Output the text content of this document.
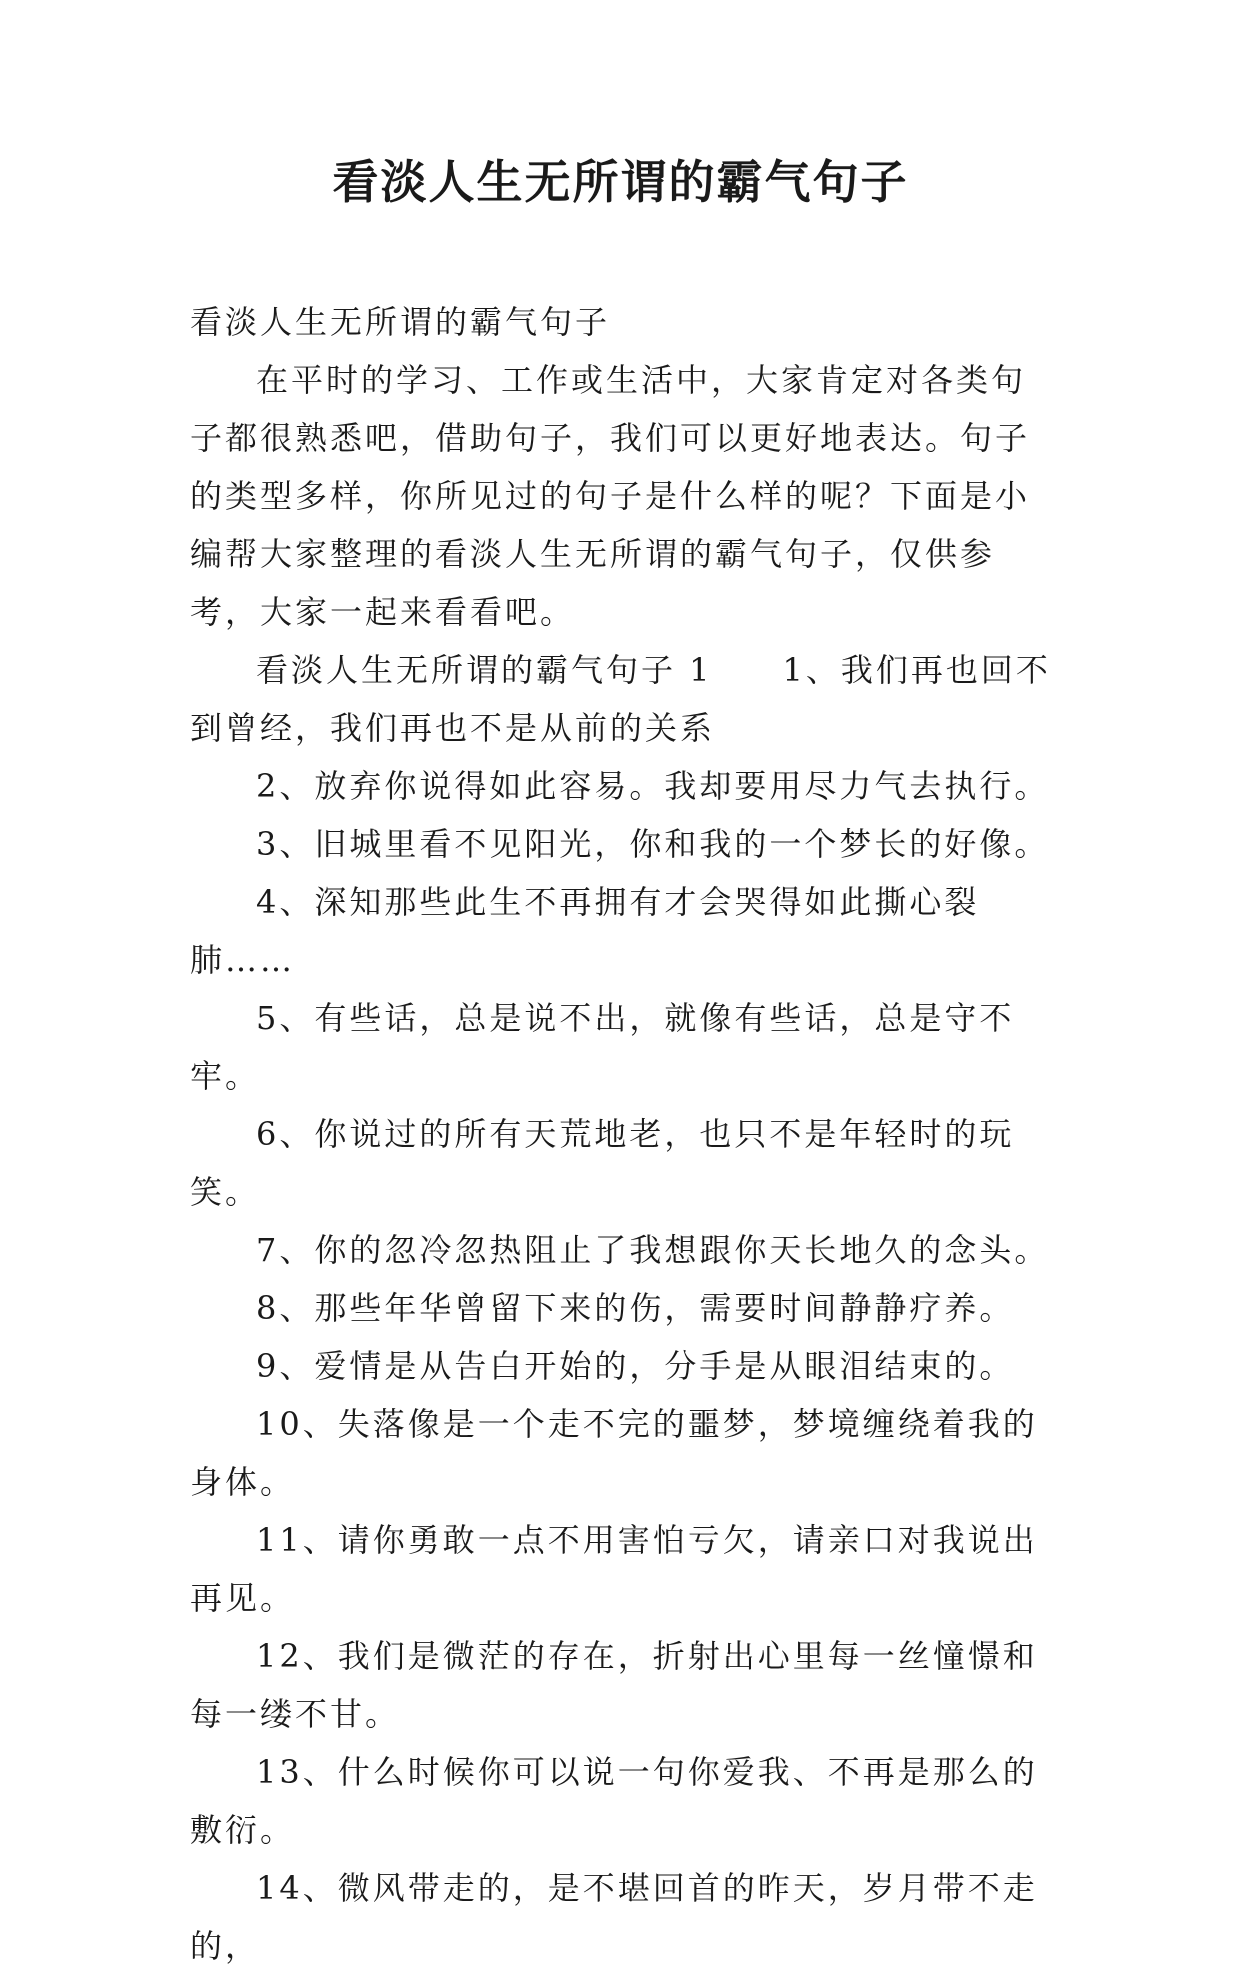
看淡人生无所谓的霸气句子

看淡人生无所谓的霸气句子

在平时的学习、工作或生活中，大家肯定对各类句子都很熟悉吧，借助句子，我们可以更好地表达。句子的类型多样，你所见过的句子是什么样的呢？下面是小编帮大家整理的看淡人生无所谓的霸气句子，仅供参考，大家一起来看看吧。

看淡人生无所谓的霸气句子 1 1、我们再也回不到曾经，我们再也不是从前的关系

2、放弃你说得如此容易。我却要用尽力气去执行。

3、旧城里看不见阳光，你和我的一个梦长的好像。

4、深知那些此生不再拥有才会哭得如此撕心裂肺……

5、有些话，总是说不出，就像有些话，总是守不牢。

6、你说过的所有天荒地老，也只不是年轻时的玩笑。

7、你的忽冷忽热阻止了我想跟你天长地久的念头。

8、那些年华曾留下来的伤，需要时间静静疗养。

9、爱情是从告白开始的，分手是从眼泪结束的。

10、失落像是一个走不完的噩梦，梦境缠绕着我的身体。

11、请你勇敢一点不用害怕亏欠，请亲口对我说出再见。

12、我们是微茫的存在，折射出心里每一丝憧憬和每一缕不甘。

13、什么时候你可以说一句你爱我、不再是那么的敷衍。

14、微风带走的，是不堪回首的昨天，岁月带不走的，
